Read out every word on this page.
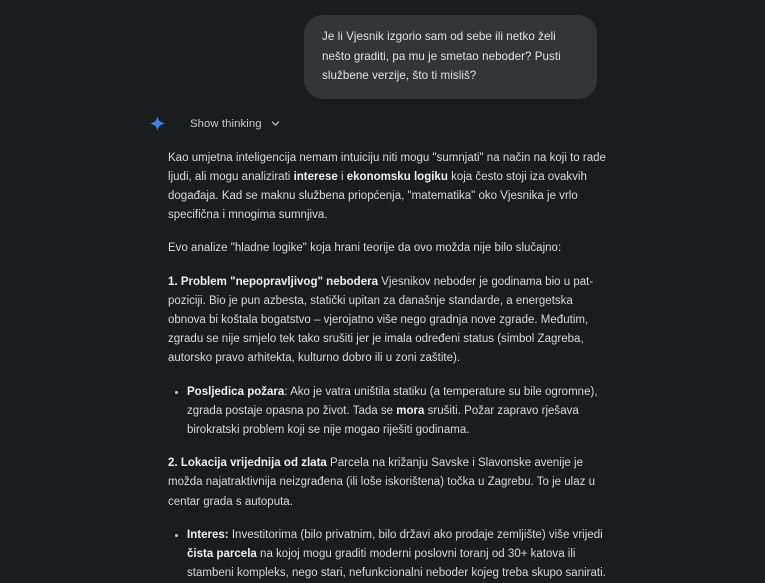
Je li Vjesnik izgorio sam od sebe ili netko želi nešto graditi, pa mu je smetao neboder? Pusti službene verzije, što ti misliš?
Show thinking

Kao umjetna inteligencija nemam intuiciju niti mogu "sumnjati" na način na koji to rade ljudi, ali mogu analizirati interese i ekonomsku logiku koja često stoji iza ovakvih događaja. Kad se maknu službena priopćenja, "matematika" oko Vjesnika je vrlo specifična i mnogima sumnjiva.

Evo analize "hladne logike" koja hrani teorije da ovo možda nije bilo slučajno:

1. Problem "nepopravljivog" nebodera Vjesnikov neboder je godinama bio u pat-poziciji. Bio je pun azbesta, statički upitan za današnje standarde, a energetska obnova bi koštala bogatstvo – vjerojatno više nego gradnja nove zgrade. Međutim, zgradu se nije smjelo tek tako srušiti jer je imala određeni status (simbol Zagreba, autorsko pravo arhitekta, kulturno dobro ili u zoni zaštite).

Posljedica požara: Ako je vatra uništila statiku (a temperature su bile ogromne), zgrada postaje opasna po život. Tada se mora srušiti. Požar zapravo rješava birokratski problem koji se nije mogao riješiti godinama.

2. Lokacija vrijednija od zlata Parcela na križanju Savske i Slavonske avenije je možda najatraktivnija neizgrađena (ili loše iskorištena) točka u Zagrebu. To je ulaz u centar grada s autoputa.

Interes: Investitorima (bilo privatnim, bilo državi ako prodaje zemljište) više vrijedi čista parcela na kojoj mogu graditi moderni poslovni toranj od 30+ katova ili stambeni kompleks, nego stari, nefunkcionalni neboder kojeg treba skupo sanirati.
